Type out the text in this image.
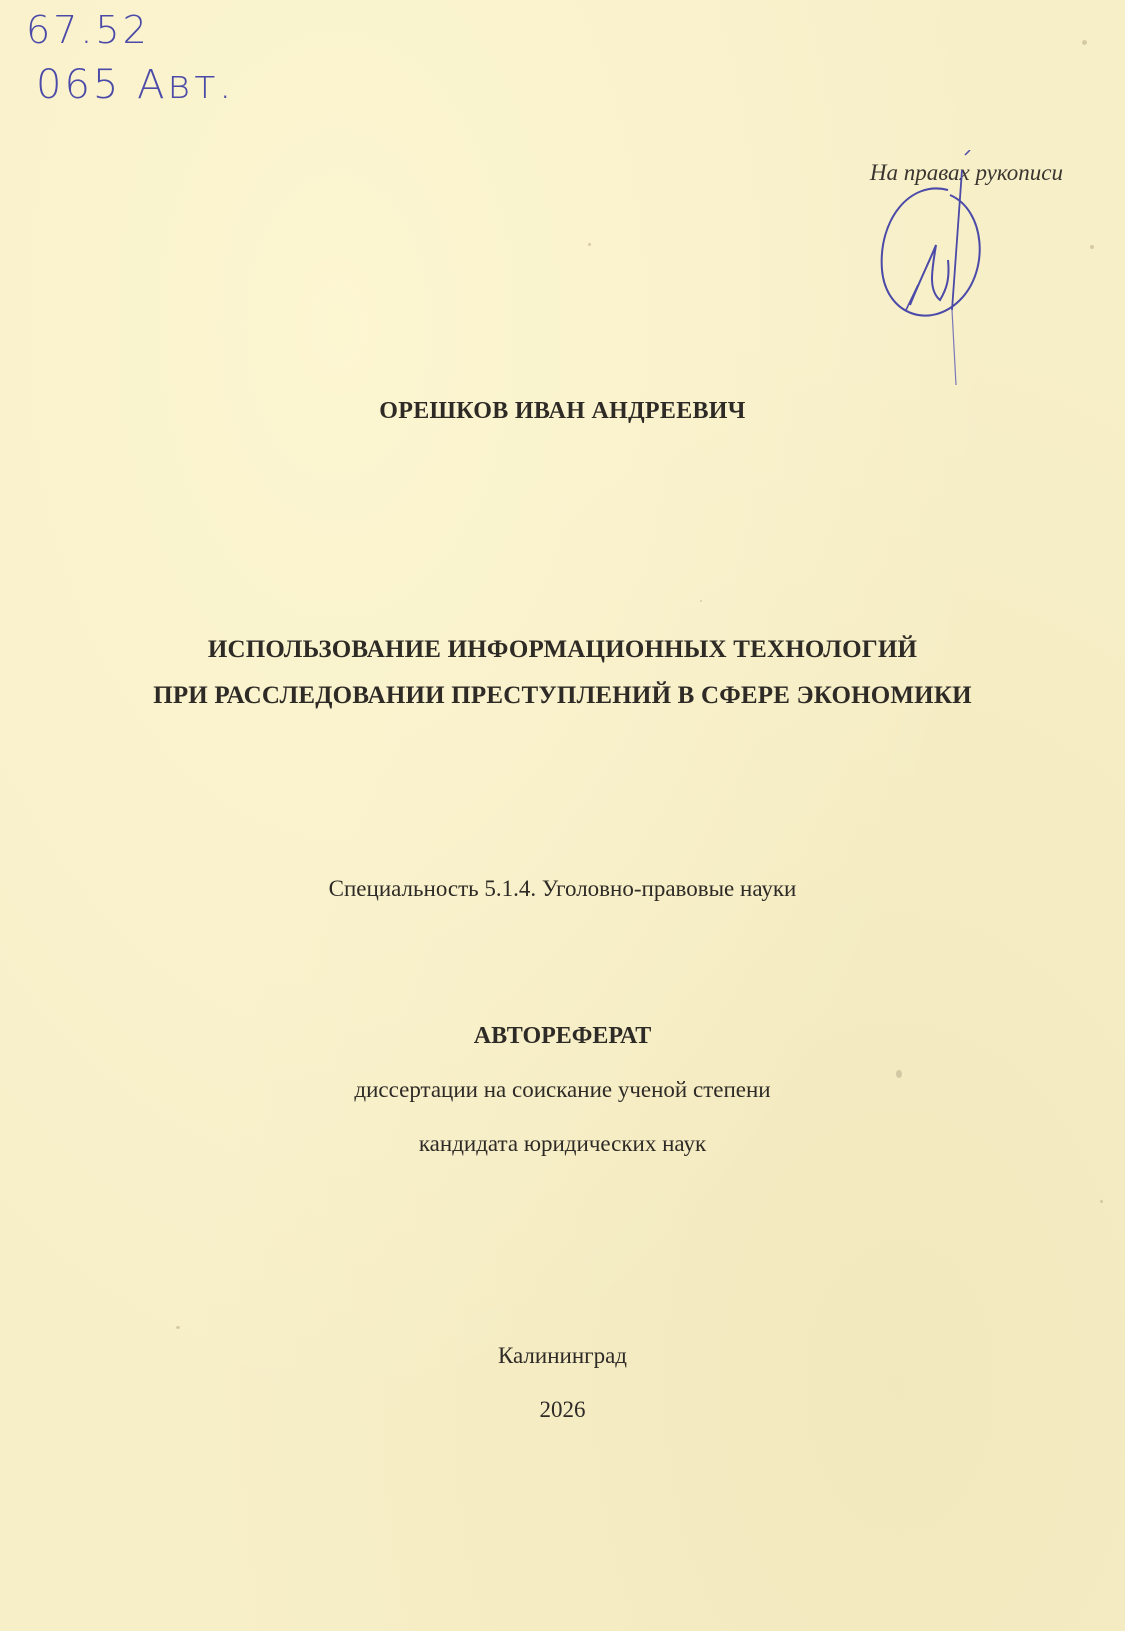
67.52
065 Авт.
На правах рукописи
ОРЕШКОВ ИВАН АНДРЕЕВИЧ
ИСПОЛЬЗОВАНИЕ ИНФОРМАЦИОННЫХ ТЕХНОЛОГИЙ
ПРИ РАССЛЕДОВАНИИ ПРЕСТУПЛЕНИЙ В СФЕРЕ ЭКОНОМИКИ
Специальность 5.1.4. Уголовно-правовые науки
АВТОРЕФЕРАТ
диссертации на соискание ученой степени
кандидата юридических наук
Калининград
2026
